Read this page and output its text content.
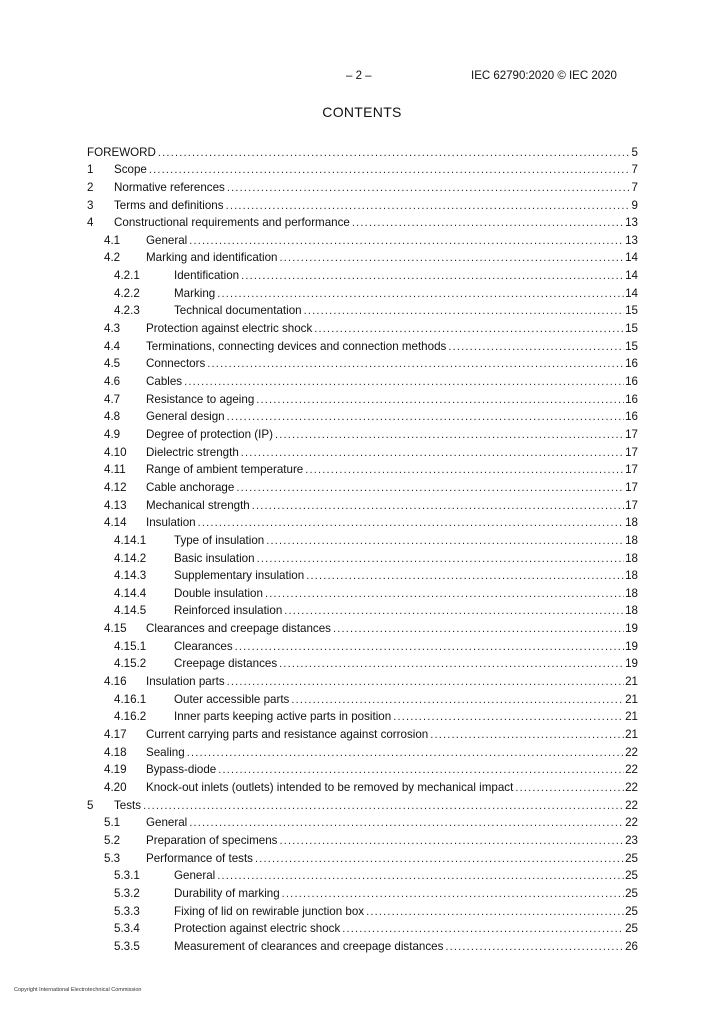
– 2 –	IEC 62790:2020 © IEC 2020
CONTENTS
FOREWORD .....	5
1	Scope .....	7
2	Normative references .....	7
3	Terms and definitions .....	9
4	Constructional requirements and performance .....	13
4.1	General .....	13
4.2	Marking and identification .....	14
4.2.1	Identification .....	14
4.2.2	Marking .....	14
4.2.3	Technical documentation .....	15
4.3	Protection against electric shock .....	15
4.4	Terminations, connecting devices and connection methods .....	15
4.5	Connectors .....	16
4.6	Cables .....	16
4.7	Resistance to ageing .....	16
4.8	General design .....	16
4.9	Degree of protection (IP) .....	17
4.10	Dielectric strength .....	17
4.11	Range of ambient temperature .....	17
4.12	Cable anchorage .....	17
4.13	Mechanical strength .....	17
4.14	Insulation .....	18
4.14.1	Type of insulation .....	18
4.14.2	Basic insulation .....	18
4.14.3	Supplementary insulation .....	18
4.14.4	Double insulation .....	18
4.14.5	Reinforced insulation .....	18
4.15	Clearances and creepage distances .....	19
4.15.1	Clearances .....	19
4.15.2	Creepage distances .....	19
4.16	Insulation parts .....	21
4.16.1	Outer accessible parts .....	21
4.16.2	Inner parts keeping active parts in position .....	21
4.17	Current carrying parts and resistance against corrosion .....	21
4.18	Sealing .....	22
4.19	Bypass-diode .....	22
4.20	Knock-out inlets (outlets) intended to be removed by mechanical impact .....	22
5	Tests .....	22
5.1	General .....	22
5.2	Preparation of specimens .....	23
5.3	Performance of tests .....	25
5.3.1	General .....	25
5.3.2	Durability of marking .....	25
5.3.3	Fixing of lid on rewirable junction box .....	25
5.3.4	Protection against electric shock .....	25
5.3.5	Measurement of clearances and creepage distances .....	26
Copyright International Electrotechnical Commission
